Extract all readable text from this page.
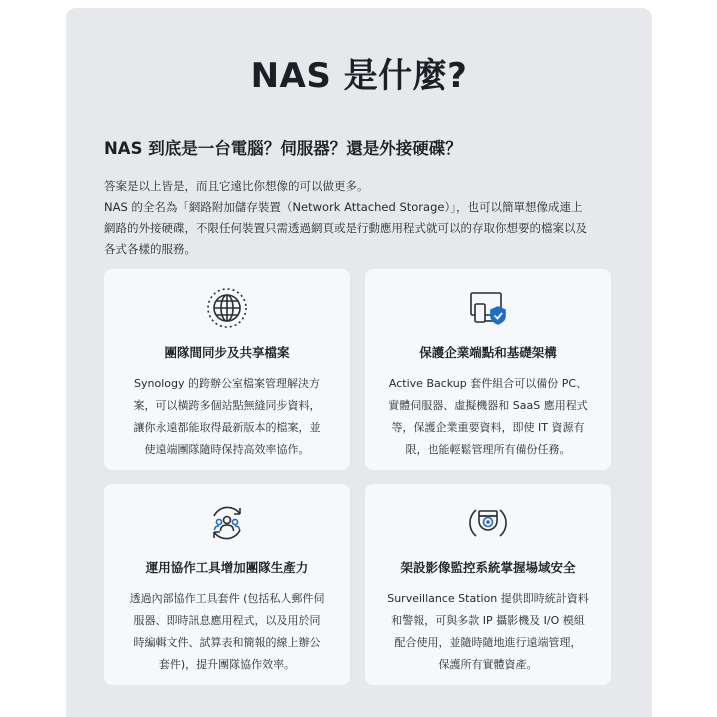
NAS 是什麼?
NAS 到底是一台電腦？伺服器？還是外接硬碟？

答案是以上皆是，而且它遠比你想像的可以做更多。

NAS 的全名為「網路附加儲存裝置（Network Attached Storage）」，也可以簡單想像成連上

網路的外接硬碟，不限任何裝置只需透過網頁或是行動應用程式就可以的存取你想要的檔案以及

各式各樣的服務。

團隊間同步及共享檔案
Synology 的跨辦公室檔案管理解決方
案，可以橫跨多個站點無縫同步資料，
讓你永遠都能取得最新版本的檔案，並
使遠端團隊隨時保持高效率協作。
保護企業端點和基礎架構
Active Backup 套件組合可以備份 PC、
實體伺服器、虛擬機器和 SaaS 應用程式
等，保護企業重要資料，即使 IT 資源有
限，也能輕鬆管理所有備份任務。
運用協作工具增加團隊生產力
透過內部協作工具套件 (包括私人郵件伺
服器、即時訊息應用程式，以及用於同
時編輯文件、試算表和簡報的線上辦公
套件)，提升團隊協作效率。
架設影像監控系統掌握場域安全
Surveillance Station 提供即時統計資料
和警報，可與多款 IP 攝影機及 I/O 模組
配合使用，並隨時隨地進行遠端管理，
保護所有實體資產。
